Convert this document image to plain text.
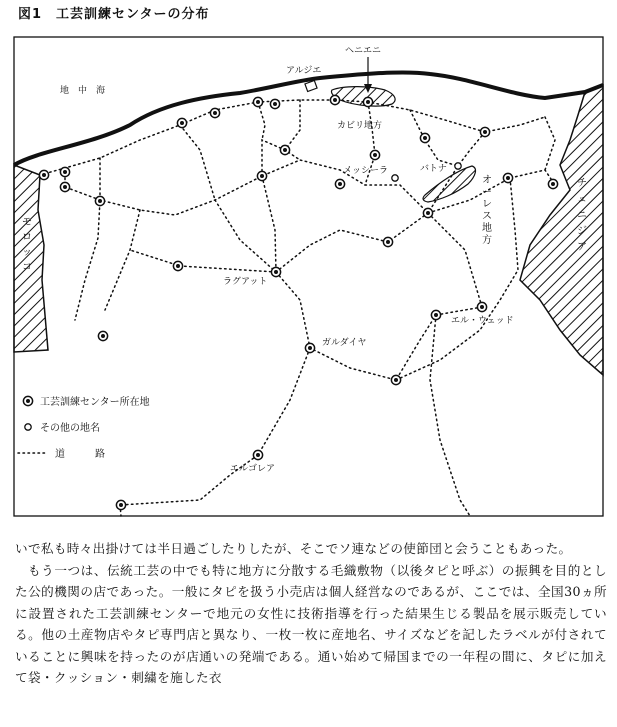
図1 工芸訓練センターの分布
地　中　海
アルジエ
ヘニエニ
カビリ地方
メッシーラ	バトナ
ラグアット
ガルダイヤ
エル・ウェッド
エルゴレア
オ
ー
レ
ス
地
方
モ
ロ
ッ
コ
チ
ュ
ニ
ジ
ア
工芸訓練センター所在地
その他の地名
道　　　路

いで私も時々出掛けては半日過ごしたりしたが、そこでソ連などの使節団と会うこともあった。

もう一つは、伝統工芸の中でも特に地方に分散する毛織敷物（以後タピと呼ぶ）の振興を目的とした公的機関の店であった。一般にタピを扱う小売店は個人経営なのであるが、ここでは、全国30ヵ所に設置された工芸訓練センターで地元の女性に技術指導を行った結果生じる製品を展示販売している。他の土産物店やタピ専門店と異なり、一枚一枚に産地名、サイズなどを記したラベルが付されていることに興味を持ったのが店通いの発端である。通い始めて帰国までの一年程の間に、タピに加えて袋・クッション・刺繍を施した衣
